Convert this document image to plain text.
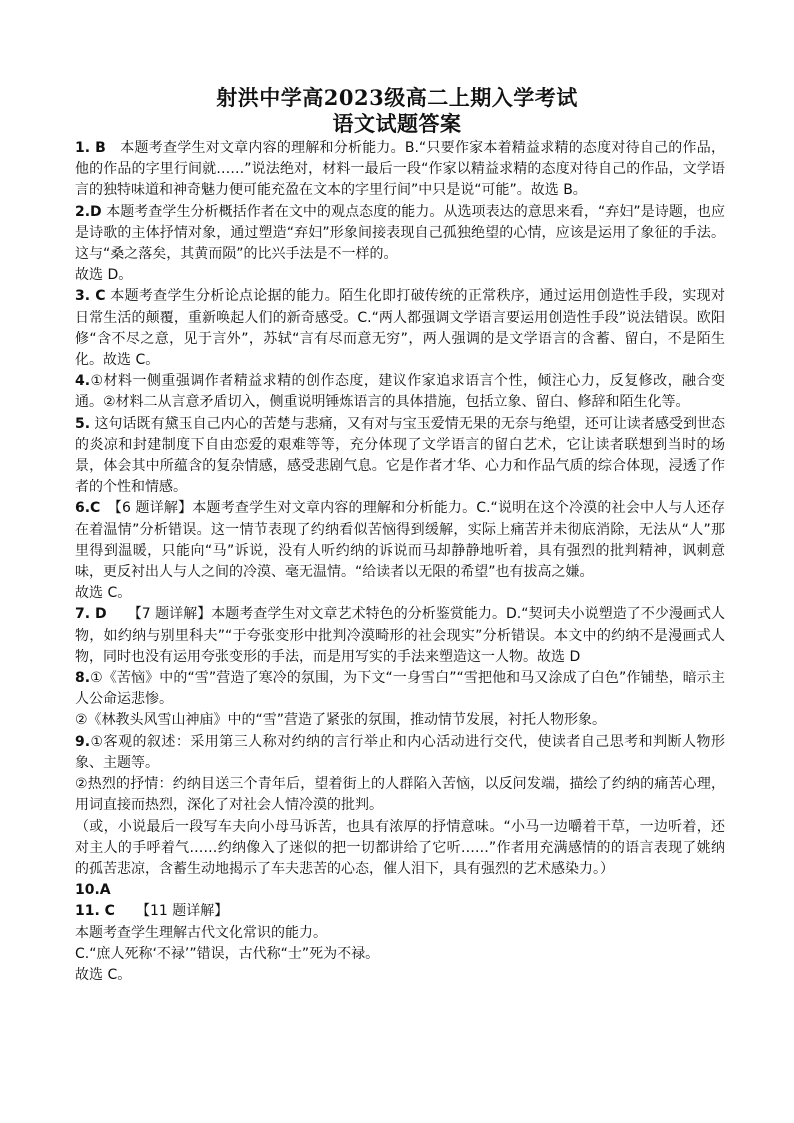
射洪中学高2023级高二上期入学考试
语文试题答案

1. B　本题考查学生对文章内容的理解和分析能力。B.“只要作家本着精益求精的态度对待自己的作品，他的作品的字里行间就……”说法绝对，材料一最后一段“作家以精益求精的态度对待自己的作品，文学语言的独特味道和神奇魅力便可能充盈在文本的字里行间”中只是说“可能”。故选 B。

2.D 本题考查学生分析概括作者在文中的观点态度的能力。从选项表达的意思来看，“弃妇”是诗题，也应是诗歌的主体抒情对象，通过塑造“弃妇”形象间接表现自己孤独绝望的心情，应该是运用了象征的手法。这与“桑之落矣，其黄而陨”的比兴手法是不一样的。

故选 D。

3. C 本题考查学生分析论点论据的能力。陌生化即打破传统的正常秩序，通过运用创造性手段，实现对日常生活的颠覆，重新唤起人们的新奇感受。C.“两人都强调文学语言要运用创造性手段”说法错误。欧阳修“含不尽之意，见于言外”，苏轼“言有尽而意无穷”，两人强调的是文学语言的含蓄、留白，不是陌生化。故选 C。

4.①材料一侧重强调作者精益求精的创作态度，建议作家追求语言个性，倾注心力，反复修改，融合变通。②材料二从言意矛盾切入，侧重说明锤炼语言的具体措施，包括立象、留白、修辞和陌生化等。

5. 这句话既有黛玉自己内心的苦楚与悲痛，又有对与宝玉爱情无果的无奈与绝望，还可让读者感受到世态的炎凉和封建制度下自由恋爱的艰难等等，充分体现了文学语言的留白艺术，它让读者联想到当时的场景，体会其中所蕴含的复杂情感，感受悲剧气息。它是作者才华、心力和作品气质的综合体现，浸透了作者的个性和情感。

6.C　【6 题详解】本题考查学生对文章内容的理解和分析能力。C.“说明在这个冷漠的社会中人与人还存在着温情”分析错误。这一情节表现了约纳看似苦恼得到缓解，实际上痛苦并未彻底消除，无法从“人”那里得到温暖，只能向“马”诉说，没有人听约纳的诉说而马却静静地听着，具有强烈的批判精神，讽刺意味，更反衬出人与人之间的冷漠、毫无温情。“给读者以无限的希望”也有拔高之嫌。

故选 C。

7. D　　【7 题详解】本题考查学生对文章艺术特色的分析鉴赏能力。D.“契诃夫小说塑造了不少漫画式人物，如约纳与别里科夫”“于夸张变形中批判冷漠畸形的社会现实”分析错误。本文中的约纳不是漫画式人物，同时也没有运用夸张变形的手法，而是用写实的手法来塑造这一人物。故选 D

8.①《苦恼》中的“雪”营造了寒冷的氛围，为下文“一身雪白”“雪把他和马又涂成了白色”作铺垫，暗示主人公命运悲惨。

②《林教头风雪山神庙》中的“雪”营造了紧张的氛围，推动情节发展，衬托人物形象。

9.①客观的叙述：采用第三人称对约纳的言行举止和内心活动进行交代，使读者自己思考和判断人物形象、主题等。

②热烈的抒情：约纳目送三个青年后，望着街上的人群陷入苦恼，以反问发端，描绘了约纳的痛苦心理，用词直接而热烈，深化了对社会人情冷漠的批判。

（或，小说最后一段写车夫向小母马诉苦，也具有浓厚的抒情意味。“小马一边嚼着干草，一边听着，还对主人的手呼着气……约纳像入了迷似的把一切都讲给了它听……”作者用充满感情的的语言表现了姚纳的孤苦悲凉，含蓄生动地揭示了车夫悲苦的心态，催人泪下，具有强烈的艺术感染力。）

10.A

11. C　　【11 题详解】

本题考查学生理解古代文化常识的能力。

C.“庶人死称‘不禄’”错误，古代称“士”死为不禄。

故选 C。
